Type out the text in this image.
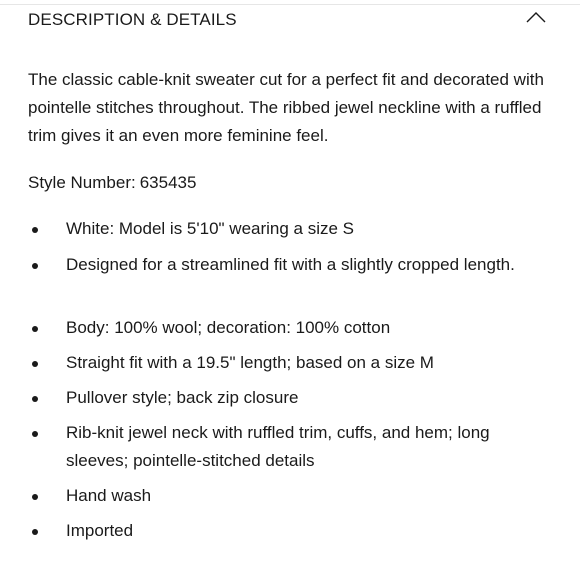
DESCRIPTION & DETAILS

The classic cable-knit sweater cut for a perfect fit and decorated with pointelle stitches throughout. The ribbed jewel neckline with a ruffled trim gives it an even more feminine feel.

Style Number: 635435

White: Model is 5'10" wearing a size S
Designed for a streamlined fit with a slightly cropped length.
Body: 100% wool; decoration: 100% cotton
Straight fit with a 19.5" length; based on a size M
Pullover style; back zip closure
Rib-knit jewel neck with ruffled trim, cuffs, and hem; long sleeves; pointelle-stitched details
Hand wash
Imported
